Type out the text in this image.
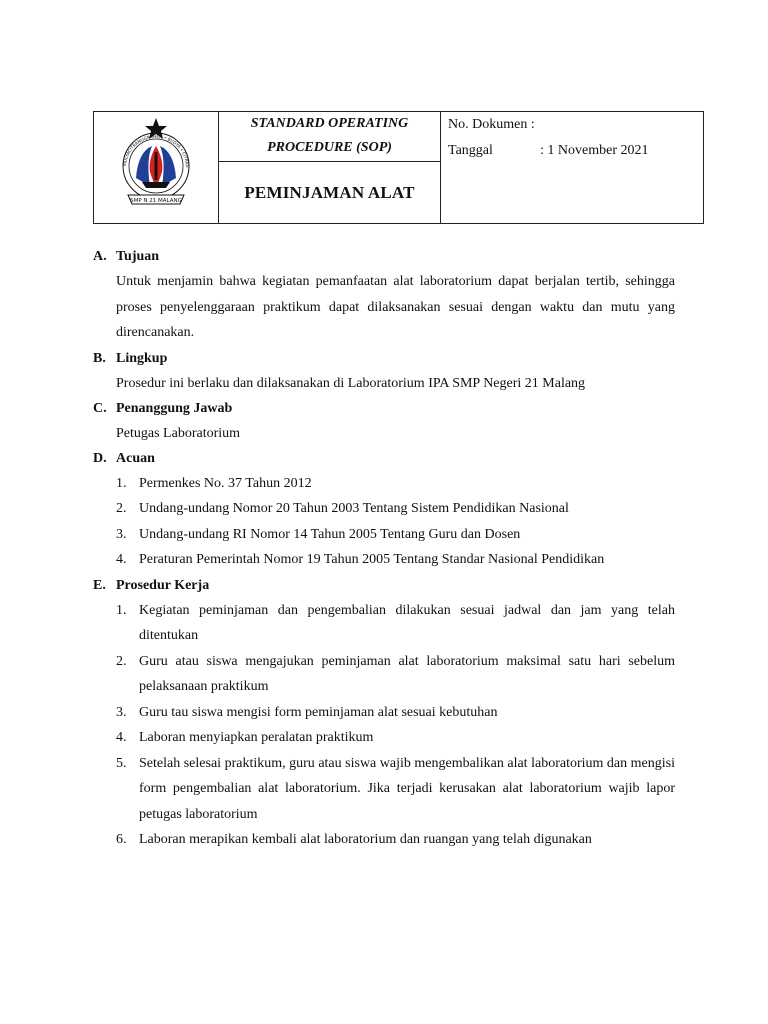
SMP N 21 MALANG
MULYACITRANUGRAHEN • BUDYA • CITRAS

STANDARD OPERATING
PROCEDURE (SOP)
PEMINJAMAN ALAT

No. Dokumen :
Tanggal	: 1 November 2021
A. Tujuan
Untuk menjamin bahwa kegiatan pemanfaatan alat laboratorium dapat berjalan tertib, sehingga proses penyelenggaraan praktikum dapat dilaksanakan sesuai dengan waktu dan mutu yang direncanakan.
B. Lingkup
Prosedur ini berlaku dan dilaksanakan di Laboratorium IPA SMP Negeri 21 Malang
C. Penanggung Jawab
Petugas Laboratorium
D. Acuan
1. Permenkes No. 37 Tahun 2012
2. Undang-undang Nomor 20 Tahun 2003 Tentang Sistem Pendidikan Nasional
3. Undang-undang RI Nomor 14 Tahun 2005 Tentang Guru dan Dosen
4. Peraturan Pemerintah Nomor 19 Tahun 2005 Tentang Standar Nasional Pendidikan
E. Prosedur Kerja
1. Kegiatan peminjaman dan pengembalian dilakukan sesuai jadwal dan jam yang telah ditentukan
2. Guru atau siswa mengajukan peminjaman alat laboratorium maksimal satu hari sebelum pelaksanaan praktikum
3. Guru tau siswa mengisi form peminjaman alat sesuai kebutuhan
4. Laboran menyiapkan peralatan praktikum
5. Setelah selesai praktikum, guru atau siswa wajib mengembalikan alat laboratorium dan mengisi form pengembalian alat laboratorium. Jika terjadi kerusakan alat laboratorium wajib lapor petugas laboratorium
6. Laboran merapikan kembali alat laboratorium dan ruangan yang telah digunakan
